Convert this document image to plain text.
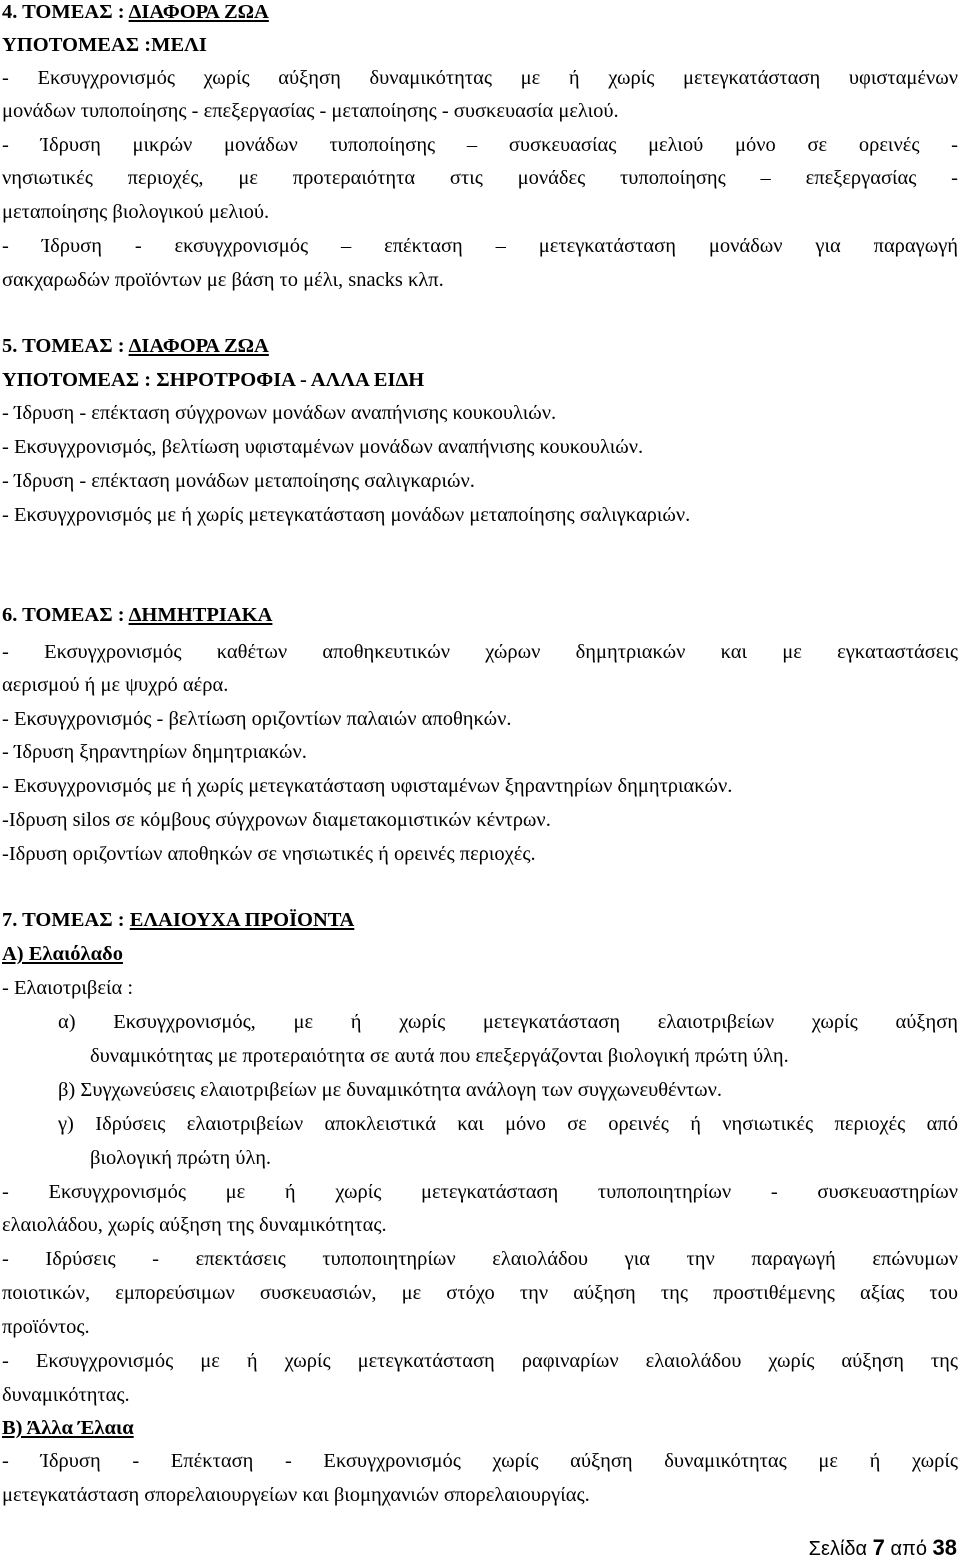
4. ΤΟΜΕΑΣ : ΔΙΑΦΟΡΑ ΖΩΑ
ΥΠΟΤΟΜΕΑΣ :ΜΕΛΙ
- Εκσυγχρονισμός χωρίς αύξηση δυναμικότητας με ή χωρίς μετεγκατάσταση υφισταμένων
μονάδων τυποποίησης - επεξεργασίας - μεταποίησης - συσκευασία μελιού.
- Ίδρυση μικρών μονάδων τυποποίησης – συσκευασίας μελιού μόνο σε ορεινές -
νησιωτικές περιοχές, με προτεραιότητα στις μονάδες τυποποίησης – επεξεργασίας -
μεταποίησης βιολογικού μελιού.
- Ίδρυση - εκσυγχρονισμός – επέκταση – μετεγκατάσταση μονάδων για παραγωγή
σακχαρωδών προϊόντων με βάση το μέλι, snacks κλπ.
5. ΤΟΜΕΑΣ : ΔΙΑΦΟΡΑ ΖΩΑ
ΥΠΟΤΟΜΕΑΣ : ΣΗΡΟΤΡΟΦΙΑ - ΑΛΛΑ ΕΙΔΗ
- Ίδρυση - επέκταση σύγχρονων μονάδων αναπήνισης κουκουλιών.
- Εκσυγχρονισμός, βελτίωση υφισταμένων μονάδων αναπήνισης κουκουλιών.
- Ίδρυση - επέκταση μονάδων μεταποίησης σαλιγκαριών.
- Εκσυγχρονισμός με ή χωρίς μετεγκατάσταση μονάδων μεταποίησης σαλιγκαριών.
6. ΤΟΜΕΑΣ : ΔΗΜΗΤΡΙΑΚΑ
- Εκσυγχρονισμός καθέτων αποθηκευτικών χώρων δημητριακών και με εγκαταστάσεις
αερισμού ή με ψυχρό αέρα.
- Εκσυγχρονισμός - βελτίωση οριζοντίων παλαιών αποθηκών.
- Ίδρυση ξηραντηρίων δημητριακών.
- Εκσυγχρονισμός με ή χωρίς μετεγκατάσταση υφισταμένων ξηραντηρίων δημητριακών.
-Ιδρυση silos σε κόμβους σύγχρονων διαμετακομιστικών κέντρων.
-Ιδρυση οριζοντίων αποθηκών σε νησιωτικές ή ορεινές περιοχές.
7. ΤΟΜΕΑΣ : ΕΛΑΙΟΥΧΑ ΠΡΟΪΟΝΤΑ
Α) Ελαιόλαδο
- Ελαιοτριβεία :
α) Εκσυγχρονισμός, με ή χωρίς μετεγκατάσταση ελαιοτριβείων χωρίς αύξηση
δυναμικότητας με προτεραιότητα σε αυτά που επεξεργάζονται βιολογική πρώτη ύλη.
β) Συγχωνεύσεις ελαιοτριβείων με δυναμικότητα ανάλογη των συγχωνευθέντων.
γ) Ιδρύσεις ελαιοτριβείων αποκλειστικά και μόνο σε ορεινές ή νησιωτικές περιοχές από
βιολογική πρώτη ύλη.
- Εκσυγχρονισμός με ή χωρίς μετεγκατάσταση τυποποιητηρίων - συσκευαστηρίων
ελαιολάδου, χωρίς αύξηση της δυναμικότητας.
- Ιδρύσεις - επεκτάσεις τυποποιητηρίων ελαιολάδου για την παραγωγή επώνυμων
ποιοτικών, εμπορεύσιμων συσκευασιών, με στόχο την αύξηση της προστιθέμενης αξίας του
προϊόντος.
- Εκσυγχρονισμός με ή χωρίς μετεγκατάσταση ραφιναρίων ελαιολάδου χωρίς αύξηση της
δυναμικότητας.
Β) Άλλα Έλαια
- Ίδρυση - Επέκταση - Εκσυγχρονισμός χωρίς αύξηση δυναμικότητας με ή χωρίς
μετεγκατάσταση σπορελαιουργείων και βιομηχανιών σπορελαιουργίας.
Σελίδα 7 από 38
